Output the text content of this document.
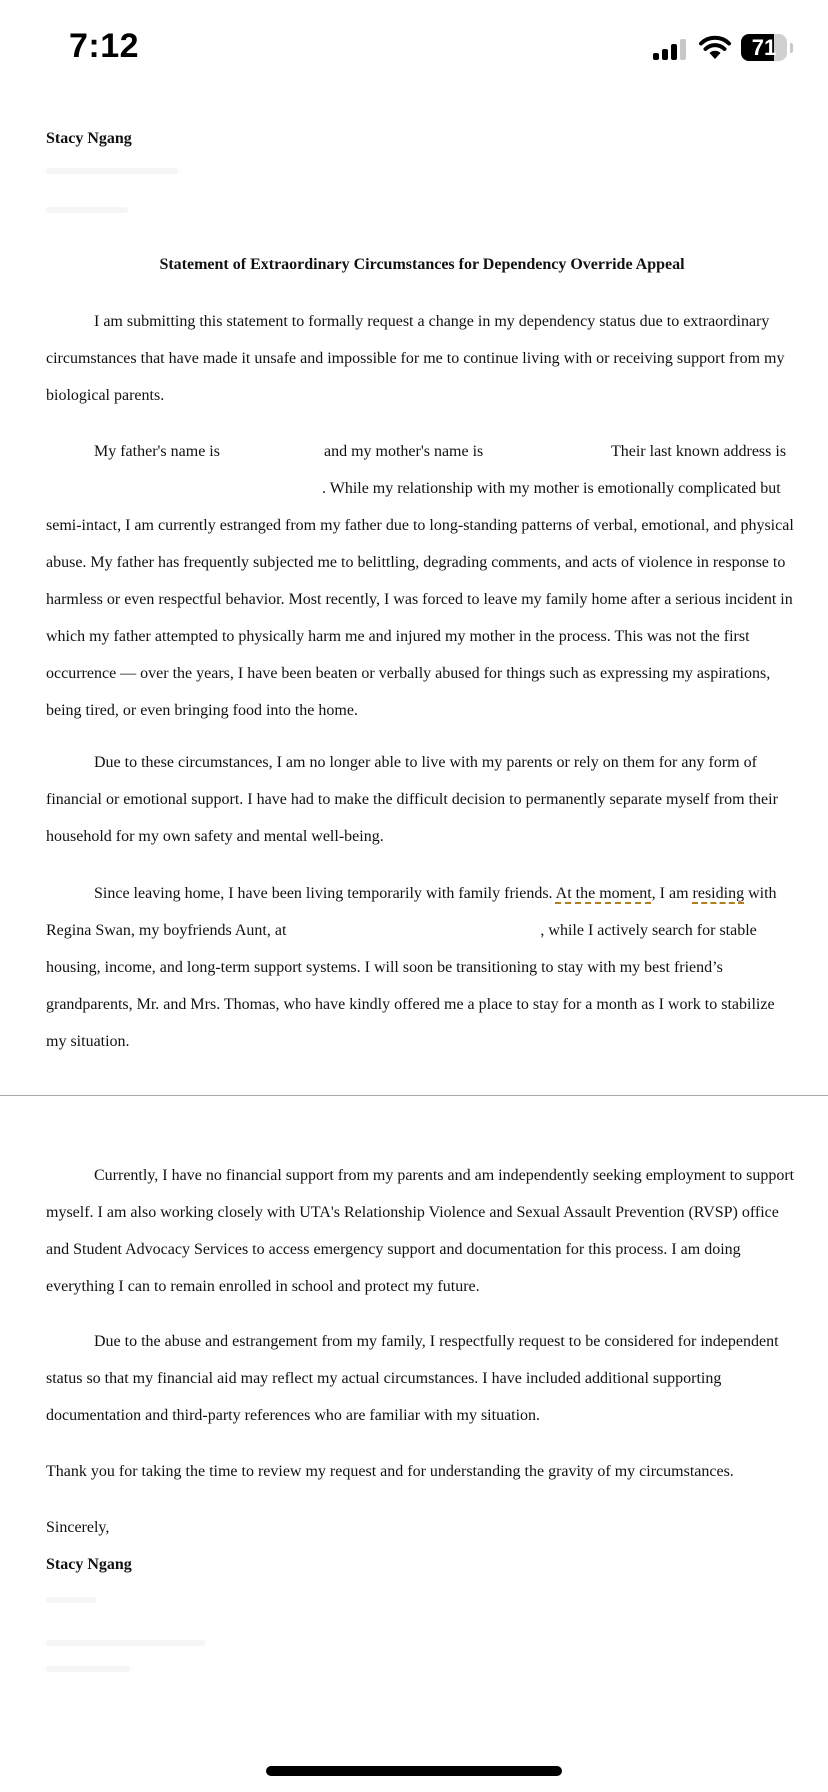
7:12	71
Stacy Ngang
Statement of Extraordinary Circumstances for Dependency Override Appeal

I am submitting this statement to formally request a change in my dependency status due to extraordinary circumstances that have made it unsafe and impossible for me to continue living with or receiving support from my biological parents.

My father's name is	and my mother's name is	Their last known address is . While my relationship with my mother is emotionally complicated but semi-intact, I am currently estranged from my father due to long-standing patterns of verbal, emotional, and physical abuse. My father has frequently subjected me to belittling, degrading comments, and acts of violence in response to harmless or even respectful behavior. Most recently, I was forced to leave my family home after a serious incident in which my father attempted to physically harm me and injured my mother in the process. This was not the first occurrence — over the years, I have been beaten or verbally abused for things such as expressing my aspirations, being tired, or even bringing food into the home.

Due to these circumstances, I am no longer able to live with my parents or rely on them for any form of financial or emotional support. I have had to make the difficult decision to permanently separate myself from their household for my own safety and mental well-being.

Since leaving home, I have been living temporarily with family friends. At the moment, I am residing with Regina Swan, my boyfriends Aunt, at	, while I actively search for stable housing, income, and long-term support systems. I will soon be transitioning to stay with my best friend’s grandparents, Mr. and Mrs. Thomas, who have kindly offered me a place to stay for a month as I work to stabilize my situation.

Currently, I have no financial support from my parents and am independently seeking employment to support myself. I am also working closely with UTA's Relationship Violence and Sexual Assault Prevention (RVSP) office and Student Advocacy Services to access emergency support and documentation for this process. I am doing everything I can to remain enrolled in school and protect my future.

Due to the abuse and estrangement from my family, I respectfully request to be considered for independent status so that my financial aid may reflect my actual circumstances. I have included additional supporting documentation and third-party references who are familiar with my situation.

Thank you for taking the time to review my request and for understanding the gravity of my circumstances.

Sincerely,

Stacy Ngang
